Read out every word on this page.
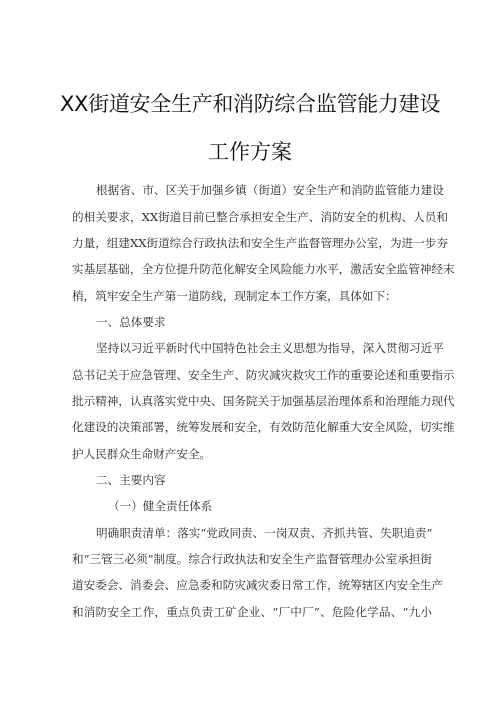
XX街道安全生产和消防综合监管能力建设
工作方案
根据省、市、区关于加强乡镇（街道）安全生产和消防监管能力建设
的相关要求，XX街道目前已整合承担安全生产、消防安全的机构、人员和
力量，组建XX街道综合行政执法和安全生产监督管理办公室，为进一步夯
实基层基础，全方位提升防范化解安全风险能力水平，激活安全监管神经末
梢，筑牢安全生产第一道防线，现制定本工作方案，具体如下：
一、总体要求
坚持以习近平新时代中国特色社会主义思想为指导，深入贯彻习近平
总书记关于应急管理、安全生产、防灾减灾救灾工作的重要论述和重要指示
批示精神，认真落实党中央、国务院关于加强基层治理体系和治理能力现代
化建设的决策部署，统筹发展和安全，有效防范化解重大安全风险，切实维
护人民群众生命财产安全。
二、主要内容
（一）健全责任体系
明确职责清单：落实“党政同责、一岗双责、齐抓共管、失职追责”
和“三管三必须”制度。综合行政执法和安全生产监督管理办公室承担街
道安委会、消委会、应急委和防灾减灾委日常工作，统筹辖区内安全生产
和消防安全工作，重点负责工矿企业、“厂中厂”、危险化学品、“九小
